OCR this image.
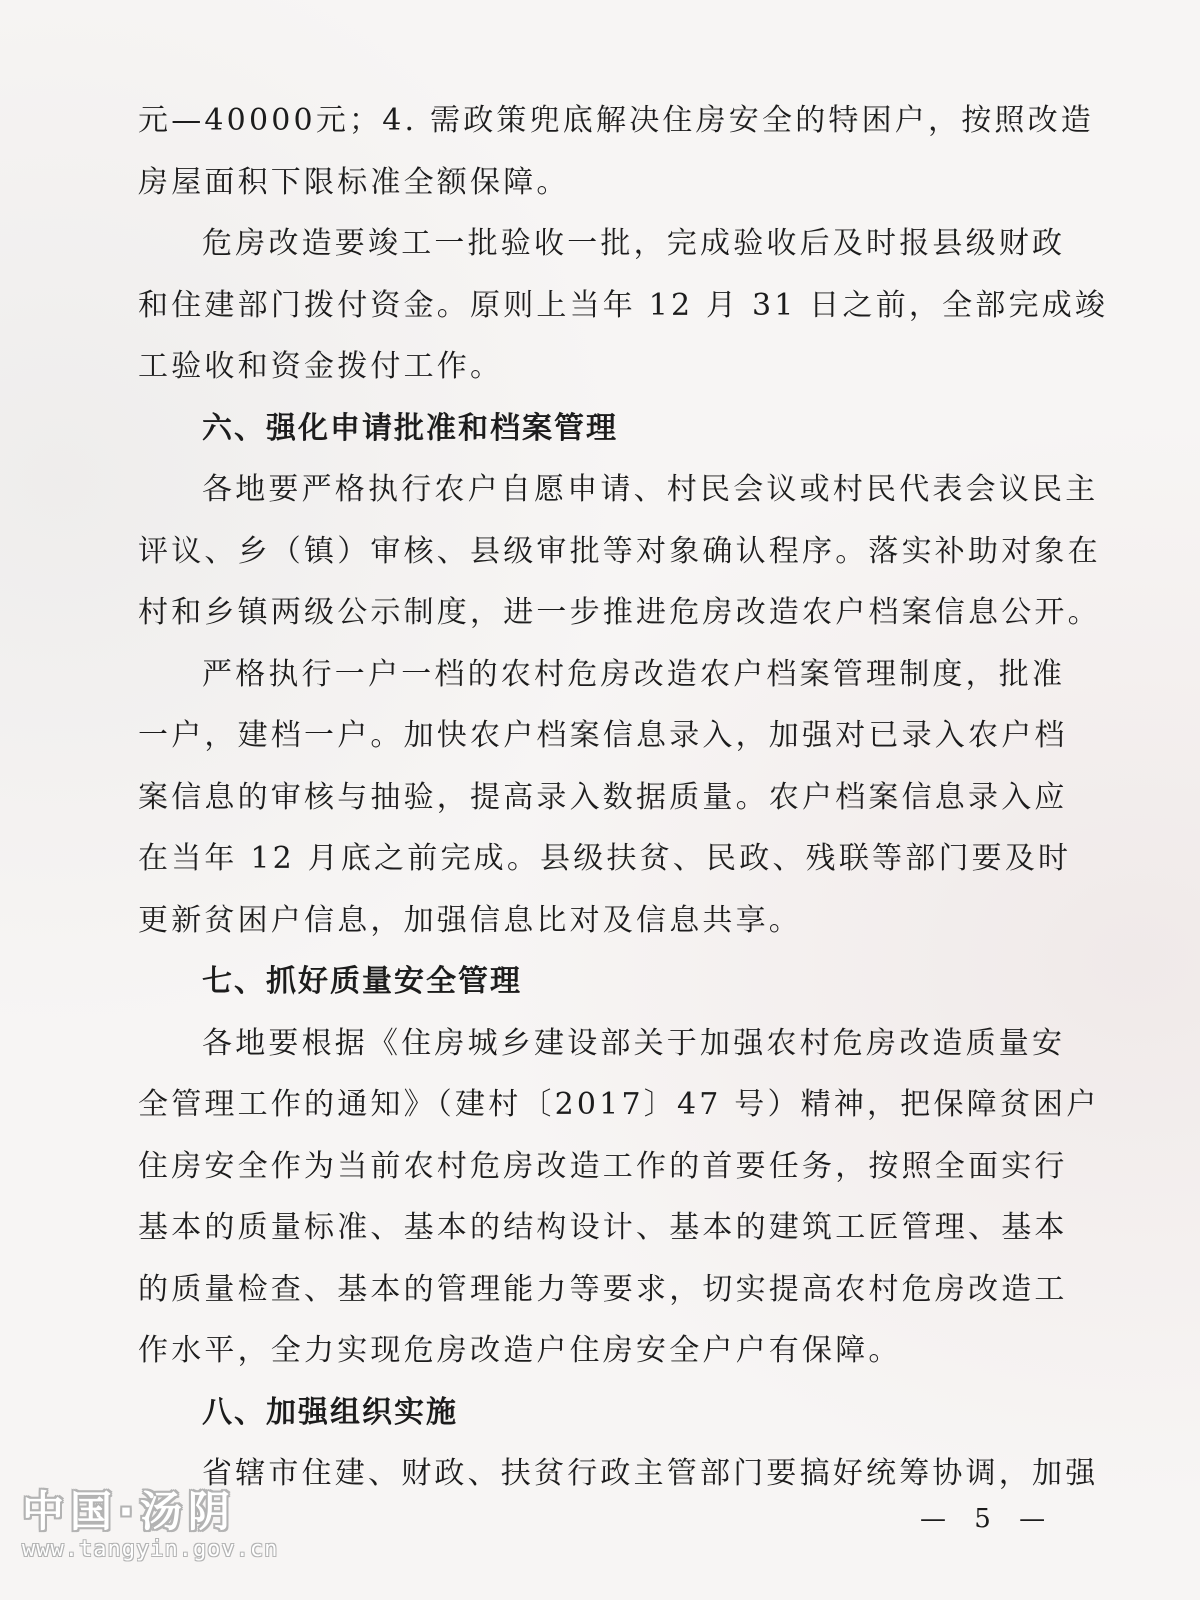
元—40000元；4. 需政策兜底解决住房安全的特困户，按照改造
房屋面积下限标准全额保障。
危房改造要竣工一批验收一批，完成验收后及时报县级财政
和住建部门拨付资金。原则上当年 12 月 31 日之前，全部完成竣
工验收和资金拨付工作。
六、强化申请批准和档案管理
各地要严格执行农户自愿申请、村民会议或村民代表会议民主
评议、乡（镇）审核、县级审批等对象确认程序。落实补助对象在
村和乡镇两级公示制度，进一步推进危房改造农户档案信息公开。
严格执行一户一档的农村危房改造农户档案管理制度，批准
一户，建档一户。加快农户档案信息录入，加强对已录入农户档
案信息的审核与抽验，提高录入数据质量。农户档案信息录入应
在当年 12 月底之前完成。县级扶贫、民政、残联等部门要及时
更新贫困户信息，加强信息比对及信息共享。
七、抓好质量安全管理
各地要根据《住房城乡建设部关于加强农村危房改造质量安
全管理工作的通知》（建村〔2017〕47 号）精神，把保障贫困户
住房安全作为当前农村危房改造工作的首要任务，按照全面实行
基本的质量标准、基本的结构设计、基本的建筑工匠管理、基本
的质量检查、基本的管理能力等要求，切实提高农村危房改造工
作水平，全力实现危房改造户住房安全户户有保障。
八、加强组织实施
省辖市住建、财政、扶贫行政主管部门要搞好统筹协调，加强
— 5 —
中国·汤阴
www.tangyin.gov.cn
